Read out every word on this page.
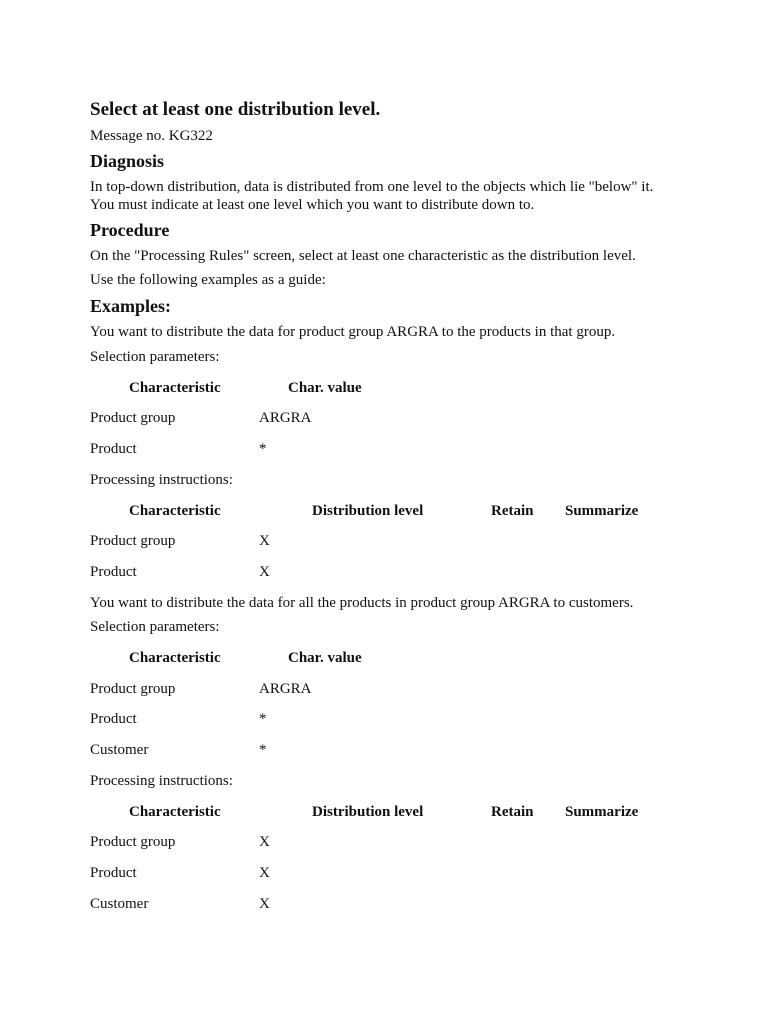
Select at least one distribution level.
Message no. KG322
Diagnosis
In top-down distribution, data is distributed from one level to the objects which lie "below" it.
You must indicate at least one level which you want to distribute down to.
Procedure
On the "Processing Rules" screen, select at least one characteristic as the distribution level.
Use the following examples as a guide:
Examples:
You want to distribute the data for product group ARGRA to the products in that group.
Selection parameters:
Characteristic	Char. value
Product group	ARGRA
Product	*
Processing instructions:
Characteristic	Distribution level	Retain Summarize
Product group	X
Product	X
You want to distribute the data for all the products in product group ARGRA to customers.
Selection parameters:
Characteristic	Char. value
Product group	ARGRA
Product	*
Customer	*
Processing instructions:
Characteristic	Distribution level	Retain Summarize
Product group	X
Product	X
Customer	X
